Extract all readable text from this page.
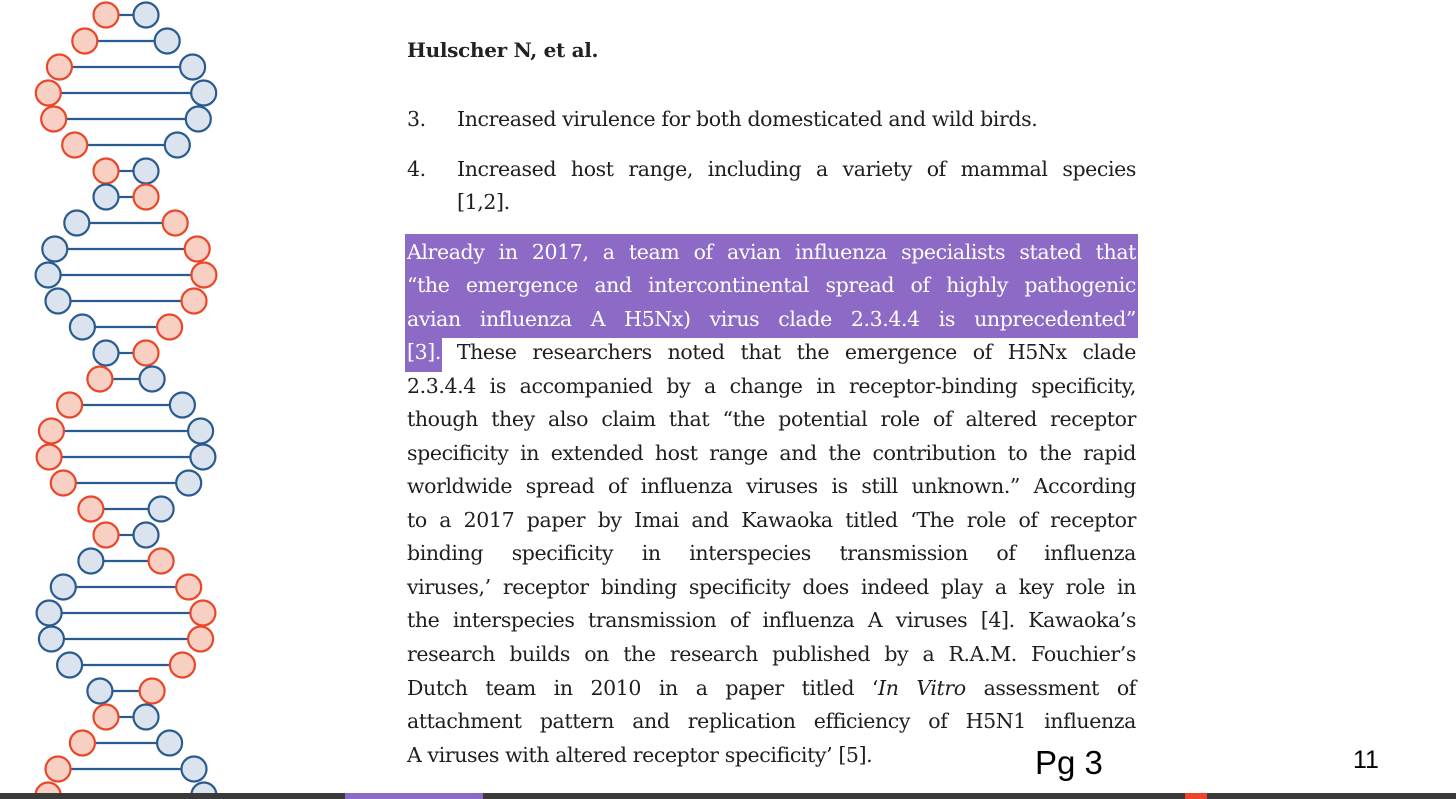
Hulscher N, et al.
3. Increased virulence for both domesticated and wild birds.
4. Increased host range, including a variety of mammal species
[1,2].
Already in 2017, a team of avian influenza specialists stated that
“the emergence and intercontinental spread of highly pathogenic
avian influenza A H5Nx) virus clade 2.3.4.4 is unprecedented”
[3]. These researchers noted that the emergence of H5Nx clade
2.3.4.4 is accompanied by a change in receptor-binding specificity,
though they also claim that “the potential role of altered receptor
specificity in extended host range and the contribution to the rapid
worldwide spread of influenza viruses is still unknown.” According
to a 2017 paper by Imai and Kawaoka titled ‘The role of receptor
binding specificity in interspecies transmission of influenza
viruses,’ receptor binding specificity does indeed play a key role in
the interspecies transmission of influenza A viruses [4]. Kawaoka’s
research builds on the research published by a R.A.M. Fouchier’s
Dutch team in 2010 in a paper titled ‘In Vitro assessment of
attachment pattern and replication efficiency of H5N1 influenza
A viruses with altered receptor specificity’ [5].	Pg 3	11
